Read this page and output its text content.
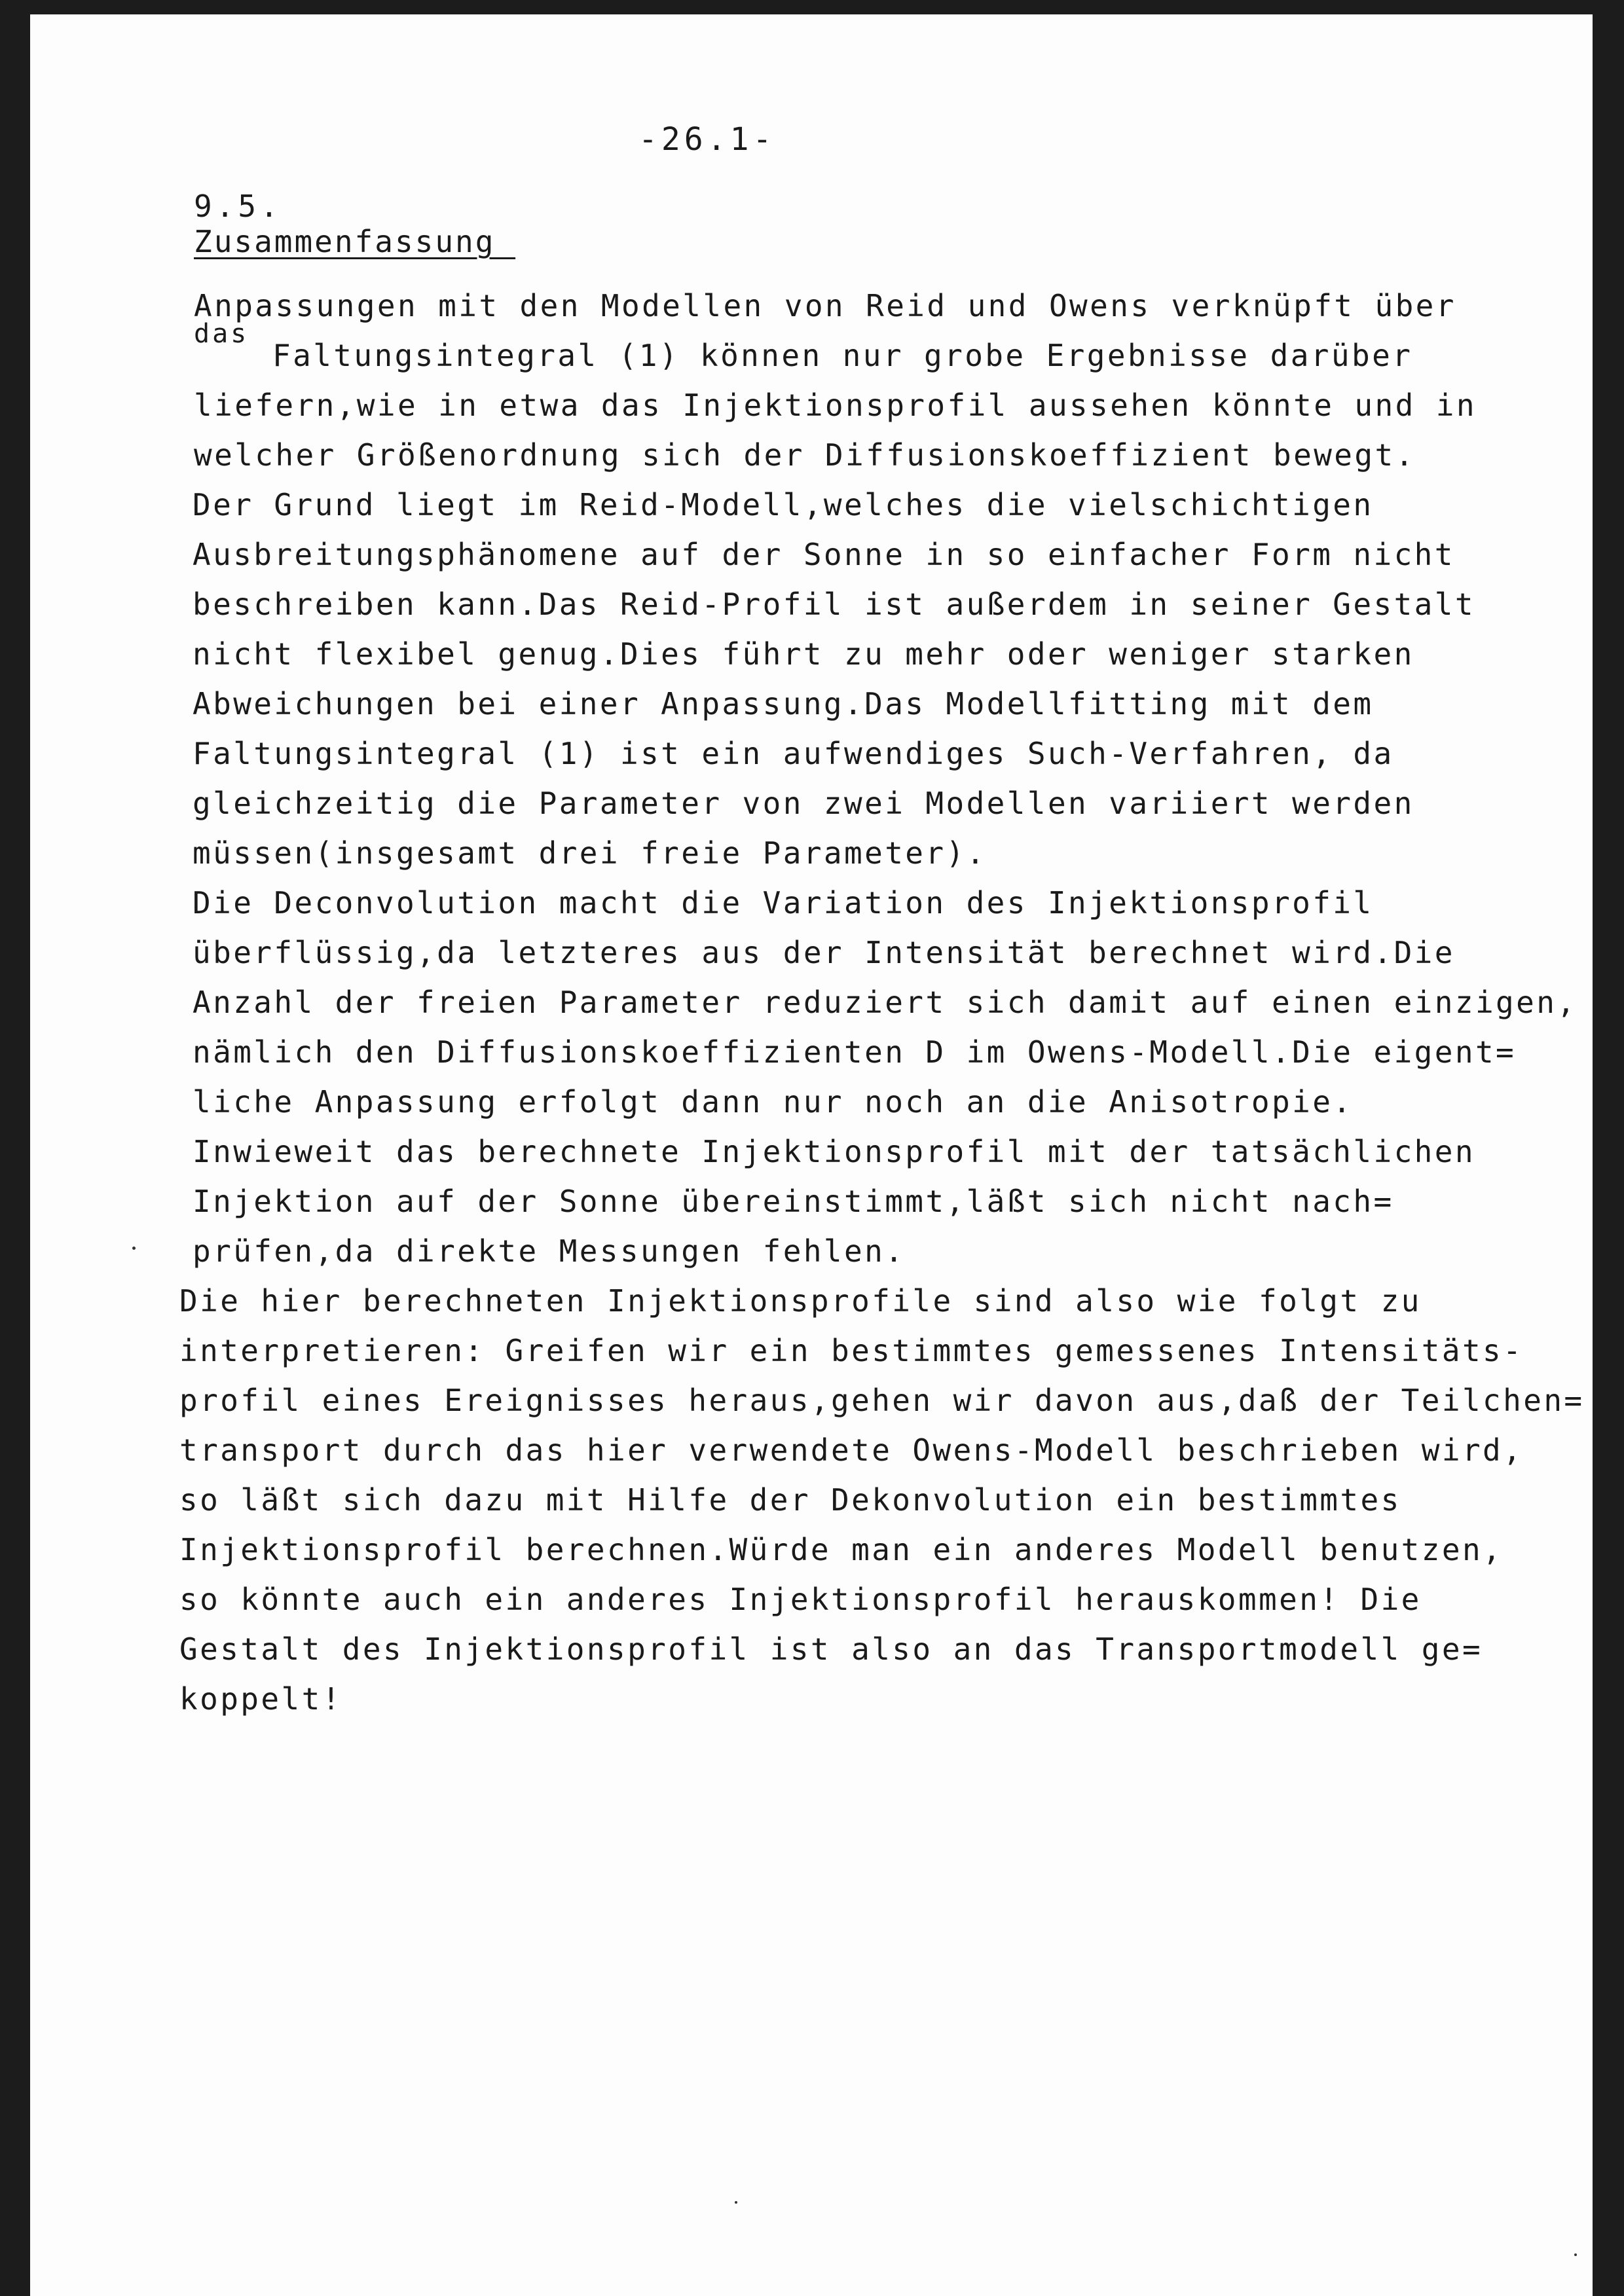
-26.1-
9.5.
Zusammenfassung_
Anpassungen mit den Modellen von Reid und Owens verknüpft über
das
Faltungsintegral (1) können nur grobe Ergebnisse darüber
liefern,wie in etwa das Injektionsprofil aussehen könnte und in
welcher Größenordnung sich der Diffusionskoeffizient bewegt.
Der Grund liegt im Reid-Modell,welches die vielschichtigen
Ausbreitungsphänomene auf der Sonne in so einfacher Form nicht
beschreiben kann.Das Reid-Profil ist außerdem in seiner Gestalt
nicht flexibel genug.Dies führt zu mehr oder weniger starken
Abweichungen bei einer Anpassung.Das Modellfitting mit dem
Faltungsintegral (1) ist ein aufwendiges Such-Verfahren, da
gleichzeitig die Parameter von zwei Modellen variiert werden
müssen(insgesamt drei freie Parameter).
Die Deconvolution macht die Variation des Injektionsprofil
überflüssig,da letzteres aus der Intensität berechnet wird.Die
Anzahl der freien Parameter reduziert sich damit auf einen einzigen,
nämlich den Diffusionskoeffizienten D im Owens-Modell.Die eigent=
liche Anpassung erfolgt dann nur noch an die Anisotropie.
Inwieweit das berechnete Injektionsprofil mit der tatsächlichen
Injektion auf der Sonne übereinstimmt,läßt sich nicht nach=
prüfen,da direkte Messungen fehlen.
Die hier berechneten Injektionsprofile sind also wie folgt zu
interpretieren: Greifen wir ein bestimmtes gemessenes Intensitäts-
profil eines Ereignisses heraus,gehen wir davon aus,daß der Teilchen=
transport durch das hier verwendete Owens-Modell beschrieben wird,
so läßt sich dazu mit Hilfe der Dekonvolution ein bestimmtes
Injektionsprofil berechnen.Würde man ein anderes Modell benutzen,
so könnte auch ein anderes Injektionsprofil herauskommen! Die
Gestalt des Injektionsprofil ist also an das Transportmodell ge=
koppelt!
